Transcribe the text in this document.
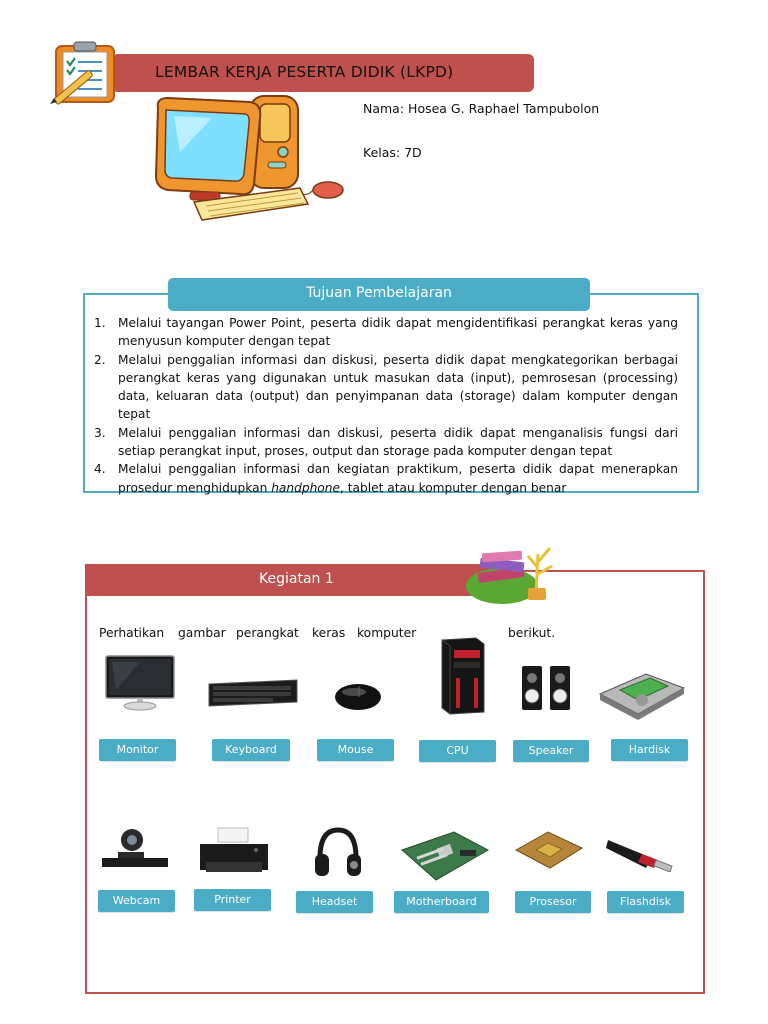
LEMBAR KERJA PESERTA DIDIK (LKPD)
Nama: Hosea G. Raphael Tampubolon
Kelas: 7D
Tujuan Pembelajaran
1. Melalui tayangan Power Point, peserta didik dapat mengidentifikasi perangkat keras yang menyusun komputer dengan tepat
2. Melalui penggalian informasi dan diskusi, peserta didik dapat mengkategorikan berbagai perangkat keras yang digunakan untuk masukan data (input), pemrosesan (processing) data, keluaran data (output) dan penyimpanan data (storage) dalam komputer dengan tepat
3. Melalui penggalian informasi dan diskusi, peserta didik dapat menganalisis fungsi dari setiap perangkat input, proses, output dan storage pada komputer dengan tepat
4. Melalui penggalian informasi dan kegiatan praktikum, peserta didik dapat menerapkan prosedur menghidupkan handphone, tablet atau komputer dengan benar
Kegiatan 1
Perhatikan gambar perangkat keras komputer	berikut.
Monitor	Keyboard	Mouse	CPU	Speaker	Hardisk
Webcam	Printer	Headset	Motherboard	Prosesor	Flashdisk
